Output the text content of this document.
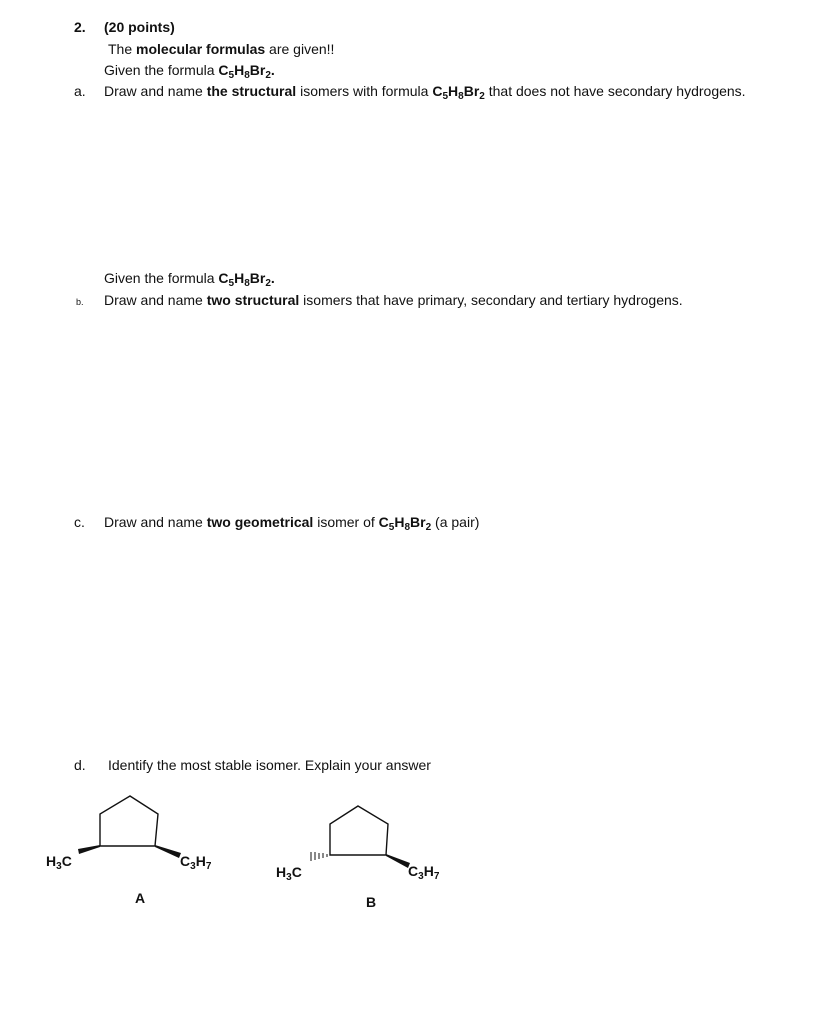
2. (20 points)
The molecular formulas are given!!
Given the formula $C_5H_8Br_2$.
a. Draw and name the structural isomers with formula $C_5H_8Br_2$ that does not have secondary hydrogens.
Given the formula $C_5H_8Br_2$.
b. Draw and name two structural isomers that have primary, secondary and tertiary hydrogens.
c. Draw and name two geometrical isomer of $C_5H_8Br_2$ (a pair)
d. Identify the most stable isomer. Explain your answer
$H_3C$	$C_3H_7$
A
$H_3C$	$C_3H_7$
B
